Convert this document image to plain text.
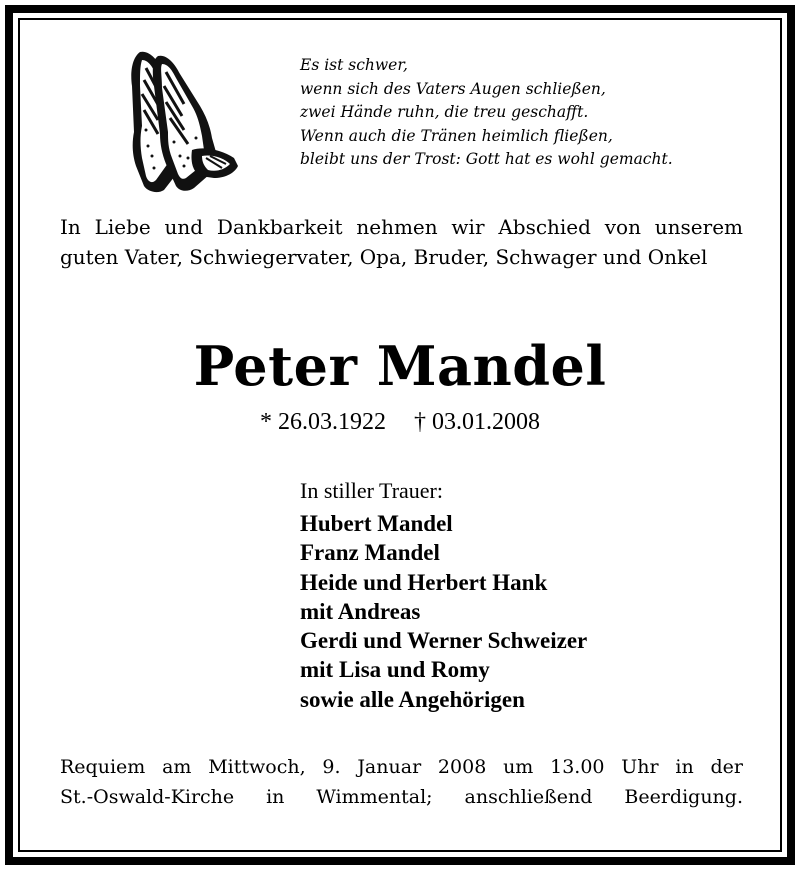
Es ist schwer,
wenn sich des Vaters Augen schließen,
zwei Hände ruhn, die treu geschafft.
Wenn auch die Tränen heimlich fließen,
bleibt uns der Trost: Gott hat es wohl gemacht.
In Liebe und Dankbarkeit nehmen wir Abschied von unserem guten Vater, Schwiegervater, Opa, Bruder, Schwager und Onkel
Peter Mandel
* 26.03.1922 † 03.01.2008
In stiller Trauer:
Hubert Mandel
Franz Mandel
Heide und Herbert Hank
mit Andreas
Gerdi und Werner Schweizer
mit Lisa und Romy
sowie alle Angehörigen
Requiem am Mittwoch, 9. Januar 2008 um 13.00 Uhr in der
St.-Oswald-Kirche in Wimmental; anschließend Beerdigung.
